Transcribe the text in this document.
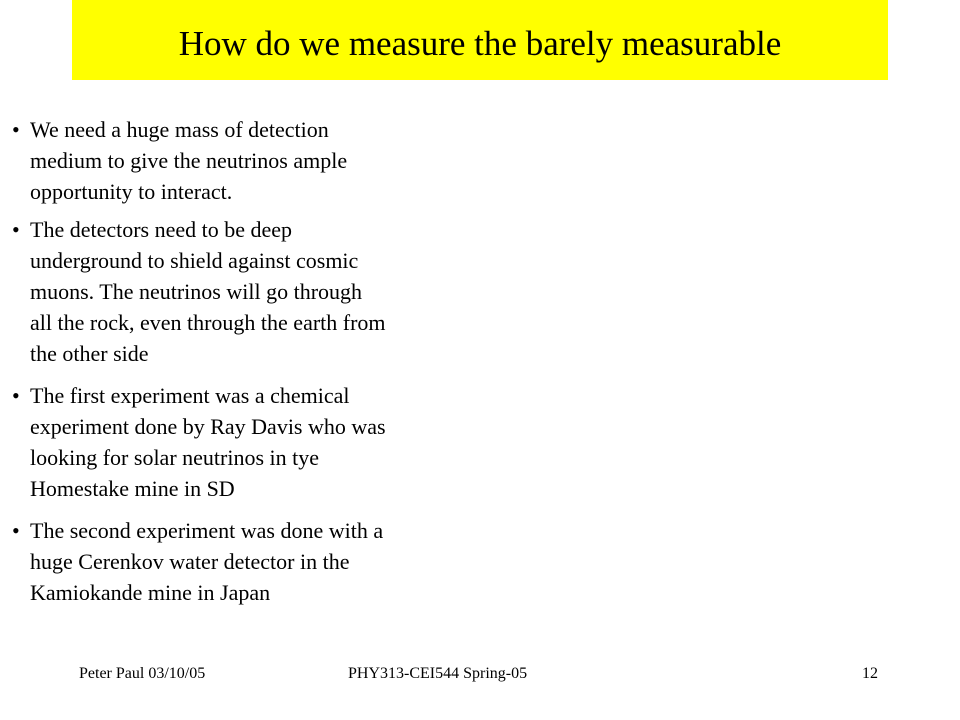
How do we measure the barely measurable
• We need a huge mass of detection
medium to give the neutrinos ample
opportunity to interact.
• The detectors need to be deep
underground to shield against cosmic
muons. The neutrinos will go through
all the rock, even through the earth from
the other side
• The first experiment was a chemical
experiment done by Ray Davis who was
looking for solar neutrinos in tye
Homestake mine in SD
• The second experiment was done with a
huge Cerenkov water detector in the
Kamiokande mine in Japan
Peter Paul 03/10/05	PHY313-CEI544 Spring-05	12
